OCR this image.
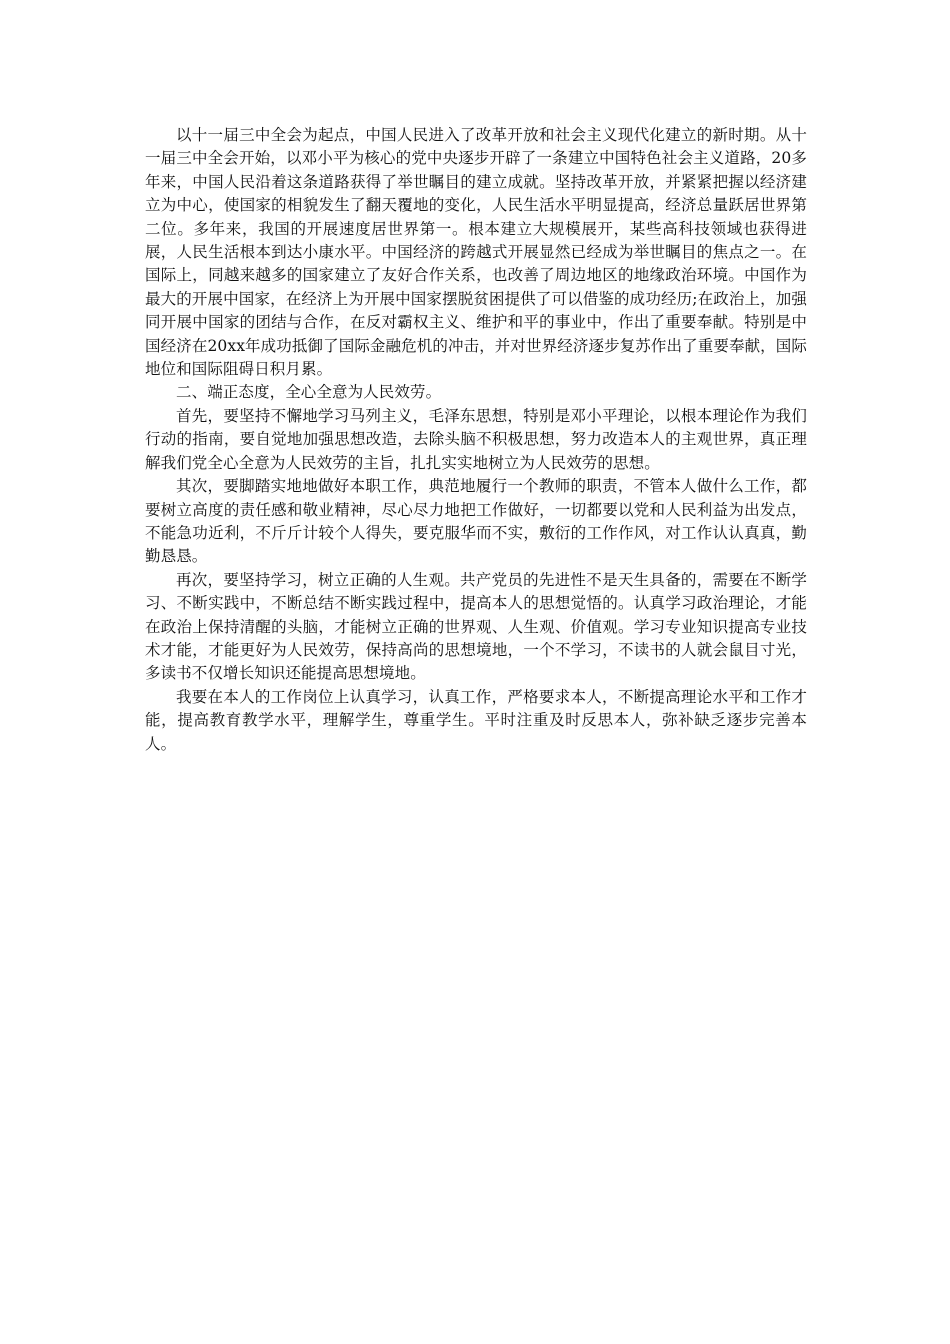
以十一届三中全会为起点，中国人民进入了改革开放和社会主义现代化建立的新时期。从十一届三中全会开始，以邓小平为核心的党中央逐步开辟了一条建立中国特色社会主义道路，20多年来，中国人民沿着这条道路获得了举世瞩目的建立成就。坚持改革开放，并紧紧把握以经济建立为中心，使国家的相貌发生了翻天覆地的变化，人民生活水平明显提高，经济总量跃居世界第二位。多年来，我国的开展速度居世界第一。根本建立大规模展开，某些高科技领域也获得进展，人民生活根本到达小康水平。中国经济的跨越式开展显然已经成为举世瞩目的焦点之一。在国际上，同越来越多的国家建立了友好合作关系，也改善了周边地区的地缘政治环境。中国作为最大的开展中国家，在经济上为开展中国家摆脱贫困提供了可以借鉴的成功经历;在政治上，加强同开展中国家的团结与合作，在反对霸权主义、维护和平的事业中，作出了重要奉献。特别是中国经济在20xx年成功抵御了国际金融危机的冲击，并对世界经济逐步复苏作出了重要奉献，国际地位和国际阻碍日积月累。

二、端正态度，全心全意为人民效劳。

首先，要坚持不懈地学习马列主义，毛泽东思想，特别是邓小平理论，以根本理论作为我们行动的指南，要自觉地加强思想改造，去除头脑不积极思想，努力改造本人的主观世界，真正理解我们党全心全意为人民效劳的主旨，扎扎实实地树立为人民效劳的思想。

其次，要脚踏实地地做好本职工作，典范地履行一个教师的职责，不管本人做什么工作，都要树立高度的责任感和敬业精神，尽心尽力地把工作做好，一切都要以党和人民利益为出发点，不能急功近利，不斤斤计较个人得失，要克服华而不实，敷衍的工作作风，对工作认认真真，勤勤恳恳。

再次，要坚持学习，树立正确的人生观。共产党员的先进性不是天生具备的，需要在不断学习、不断实践中，不断总结不断实践过程中，提高本人的思想觉悟的。认真学习政治理论，才能在政治上保持清醒的头脑，才能树立正确的世界观、人生观、价值观。学习专业知识提高专业技术才能，才能更好为人民效劳，保持高尚的思想境地，一个不学习，不读书的人就会鼠目寸光，多读书不仅增长知识还能提高思想境地。

我要在本人的工作岗位上认真学习，认真工作，严格要求本人，不断提高理论水平和工作才能，提高教育教学水平，理解学生，尊重学生。平时注重及时反思本人，弥补缺乏逐步完善本人。
